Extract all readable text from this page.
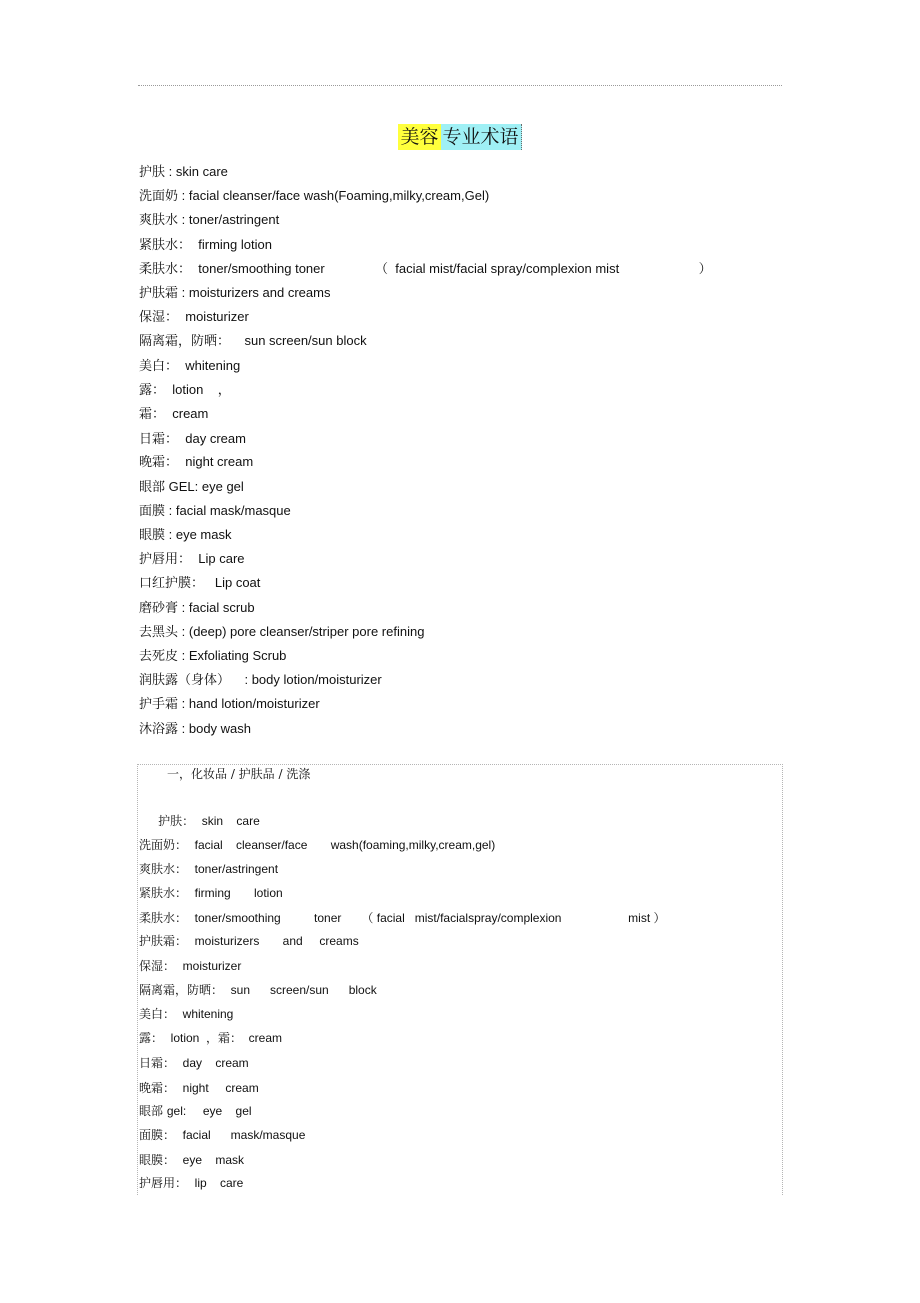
美容 专业术语
护肤 : skin care
洗面奶 : facial cleanser/face wash(Foaming,milky,cream,Gel)
爽肤水 : toner/astringent
紧肤水：  firming lotion
柔肤水：  toner/smoothing toner	（  facial mist/facial spray/complexion mist                      ）
护肤霜 : moisturizers and creams
保湿：  moisturizer
隔离霜，防晒：    sun screen/sun block
美白：  whitening
露：  lotion    ，
霜：  cream
日霜：  day cream
晚霜：  night cream
眼部 GEL: eye gel
面膜 : facial mask/masque
眼膜 : eye mask
护唇用：  Lip care
口红护膜：   Lip coat
磨砂膏 : facial scrub
去黑头 : (deep) pore cleanser/striper pore refining
去死皮 : Exfoliating Scrub
润肤露（身体）    : body lotion/moisturizer
护手霜 : hand lotion/moisturizer
沐浴露 : body wash
一，化妆品 / 护肤品 / 洗涤
护肤：  skin    care
洗面奶：  facial    cleanser/face       wash(foaming,milky,cream,gel)
爽肤水：  toner/astringent
紧肤水：  firming       lotion
柔肤水：  toner/smoothing          toner      （ facial   mist/facialspray/complexion                    mist ）
护肤霜：  moisturizers       and     creams
保湿：  moisturizer
隔离霜，防晒：  sun      screen/sun      block
美白：  whitening
露：  lotion  ，霜：  cream
日霜：  day    cream
晚霜：  night     cream
眼部 gel:     eye    gel
面膜：  facial      mask/masque
眼膜：  eye    mask
护唇用：  lip    care
